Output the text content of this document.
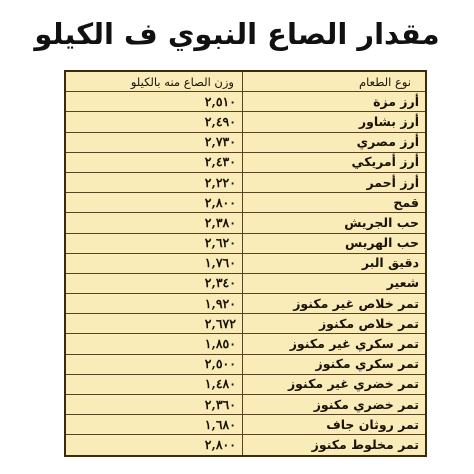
مقدار الصاع النبوي ف الكيلو
نوع الطعام	وزن الصاع منه بالكيلو
أرز مزة	٢,٥١٠
أرز بشاور	٢,٤٩٠
أرز مصري	٢,٧٣٠
أرز أمريكي	٢,٤٣٠
أرز أحمر	٢,٢٢٠
قمح	٢,٨٠٠
حب الجريش	٢,٣٨٠
حب الهريس	٢,٦٢٠
دقيق البر	١,٧٦٠
شعير	٢,٣٤٠
تمر خلاص غير مكنوز	١,٩٢٠
تمر خلاص مكنوز	٢,٦٧٢
تمر سكري غير مكنوز	١,٨٥٠
تمر سكري مكنوز	٢,٥٠٠
تمر خضري غير مكنوز	١,٤٨٠
تمر خضري مكنوز	٢,٣٦٠
تمر روثان جاف	١,٦٨٠
تمر مخلوط مكنوز	٢,٨٠٠
